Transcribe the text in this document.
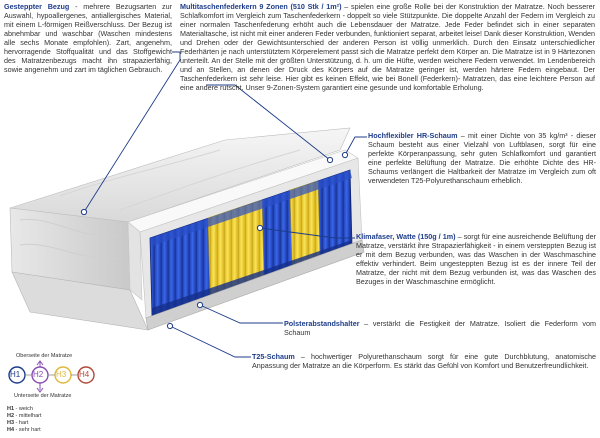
Oberseite der Matratze
Unterseite der Matratze
H1 H2 H3 H4
H1 - weich
H2 - mittelhart
H3 - hart
H4 - sehr hart
Gesteppter Bezug - mehrere Bezugsarten zur Auswahl, hypoallergenes, antiallergisches Material, mit einem L-förmigen Reißverschluss. Der Bezug ist abnehmbar und waschbar (Waschen mindestens alle sechs Monate empfohlen). Zart, angenehm, hervorragende Stoffqualität und das Stoffgewicht des Matratzenbezugs macht ihn strapazierfähig, sowie angenehm und zart im täglichen Gebrauch.
Multitaschenfederkern 9 Zonen (510 Stk / 1m²) – spielen eine große Rolle bei der Konstruktion der Matratze. Noch besserer Schlafkomfort im Vergleich zum Taschenfederkern - doppelt so viele Stützpunkte. Die doppelte Anzahl der Federn im Vergleich zu einer normalen Taschenfederung erhöht auch die Lebensdauer der Matratze. Jede Feder befindet sich in einer separaten Materialtasche, ist nicht mit einer anderen Feder verbunden, funktioniert separat, arbeitet leise! Dank dieser Konstruktion, Wenden und Drehen oder der Gewichtsunterschied der anderen Person ist völlig unmerklich. Durch den Einsatz unterschiedlicher Federhärten je nach unterstütztem Körperelement passt sich die Matratze perfekt dem Körper an. Die Matratze ist in 9 Härtezonen unterteilt. An der Stelle mit der größten Unterstützung, d. h. um die Hüfte, werden weichere Federn verwendet. Im Lendenbereich und an Stellen, an denen der Druck des Körpers auf die Matratze geringer ist, werden härtere Federn eingebaut. Der Taschenfederkern ist sehr leise. Hier gibt es keinen Effekt, wie bei Bonell (Federkern)- Matratzen, das eine leichtere Person auf eine andere rutscht. Unser 9-Zonen-System garantiert eine gesunde und komfortable Erholung.
Hochflexibler HR-Schaum – mit einer Dichte von 35 kg/m³ - dieser Schaum besteht aus einer Vielzahl von Luftblasen, sorgt für eine perfekte Körperanpassung, sehr guten Schlafkomfort und garantiert eine perfekte Belüftung der Matratze. Die erhöhte Dichte des HR-Schaums verlängert die Haltbarkeit der Matratze im Vergleich zum oft verwendeten T25-Polyurethanschaum erheblich.
Klimafaser, Watte (150g / 1m) – sorgt für eine ausreichende Belüftung der Matratze, verstärkt ihre Strapazierfähigkeit - in einem versteppten Bezug ist er mit dem Bezug verbunden, was das Waschen in der Waschmaschine effektiv verhindert. Beim ungesteppten Bezug ist es der innere Teil der Matratze, der nicht mit dem Bezug verbunden ist, was das Waschen des Bezuges in der Waschmaschine ermöglicht.
Polsterabstandshalter – verstärkt die Festigkeit der Matratze. Isoliert die Federform vom Schaum
T25-Schaum – hochwertiger Polyurethanschaum sorgt für eine gute Durchblutung, anatomische Anpassung der Matratze an die Körperform. Es stärkt das Gefühl von Komfort und Benutzerfreundlichkeit.
